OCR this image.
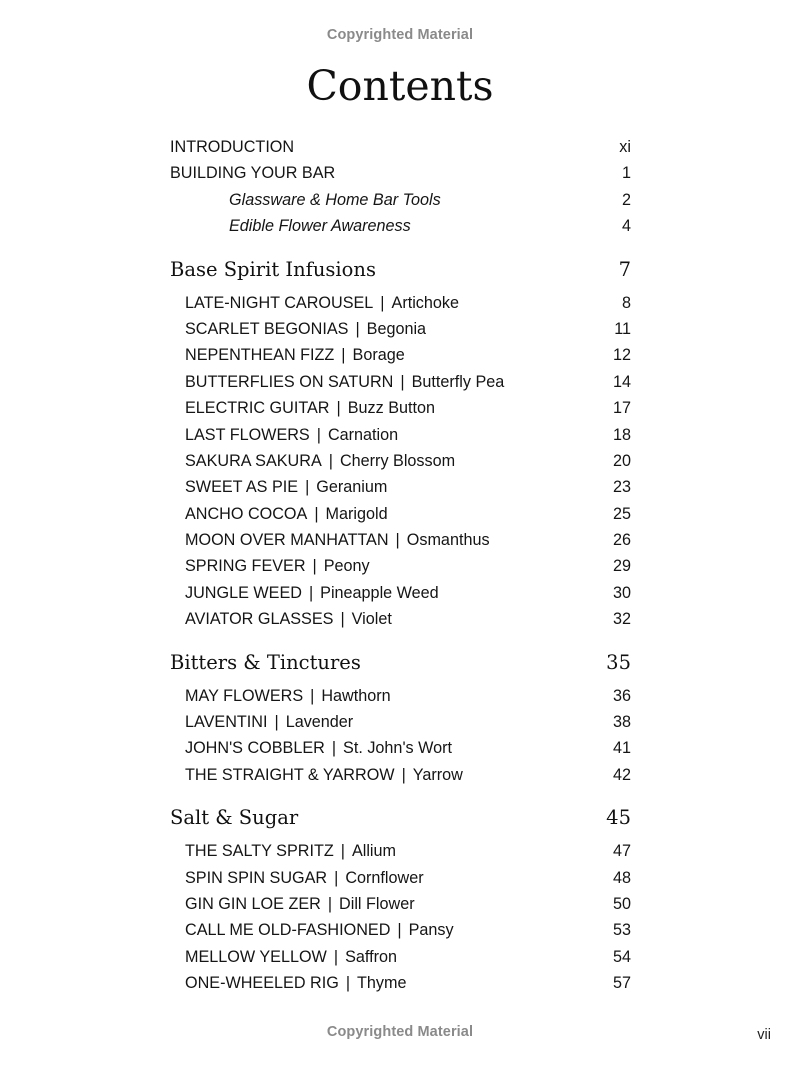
Copyrighted Material
Contents
INTRODUCTION	xi
BUILDING YOUR BAR	1
Glassware & Home Bar Tools	2
Edible Flower Awareness	4
Base Spirit Infusions	7
LATE-NIGHT CAROUSEL | Artichoke	8
SCARLET BEGONIAS | Begonia	11
NEPENTHEAN FIZZ | Borage	12
BUTTERFLIES ON SATURN | Butterfly Pea	14
ELECTRIC GUITAR | Buzz Button	17
LAST FLOWERS | Carnation	18
SAKURA SAKURA | Cherry Blossom	20
SWEET AS PIE | Geranium	23
ANCHO COCOA | Marigold	25
MOON OVER MANHATTAN | Osmanthus	26
SPRING FEVER | Peony	29
JUNGLE WEED | Pineapple Weed	30
AVIATOR GLASSES | Violet	32
Bitters & Tinctures	35
MAY FLOWERS | Hawthorn	36
LAVENTINI | Lavender	38
JOHN'S COBBLER | St. John's Wort	41
THE STRAIGHT & YARROW | Yarrow	42
Salt & Sugar	45
THE SALTY SPRITZ | Allium	47
SPIN SPIN SUGAR | Cornflower	48
GIN GIN LOE ZER | Dill Flower	50
CALL ME OLD-FASHIONED | Pansy	53
MELLOW YELLOW | Saffron	54
ONE-WHEELED RIG | Thyme	57
Copyrighted Material	vii
